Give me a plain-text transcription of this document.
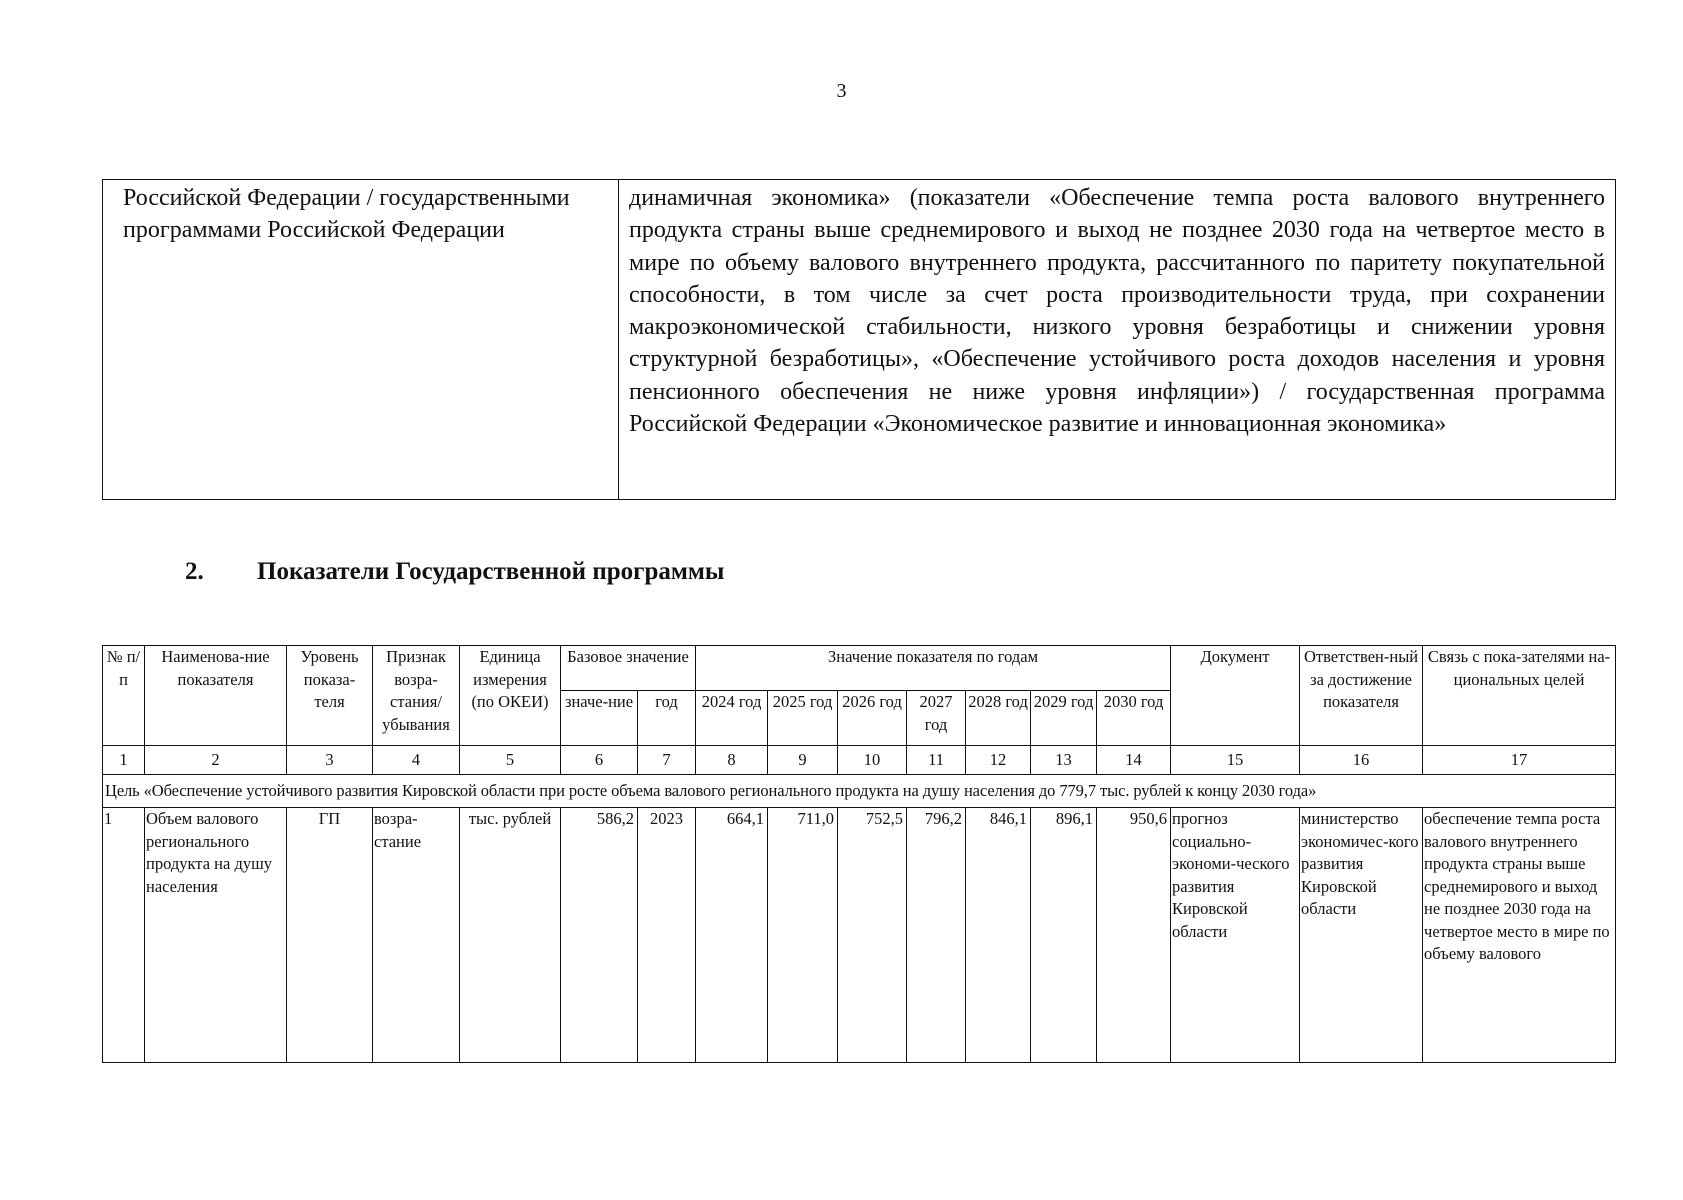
3
Российской Федерации / государственными программами Российской Федерации	динамичная экономика» (показатели «Обеспечение темпа роста валового внутреннего продукта страны выше среднемирового и выход не позднее 2030 года на четвертое место в мире по объему валового внутреннего продукта, рассчитанного по паритету покупательной способности, в том числе за счет роста производительности труда, при сохранении макроэкономической стабильности, низкого уровня безработицы и снижении уровня структурной безработицы», «Обеспечение устойчивого роста доходов населения и уровня пенсионного обеспечения не ниже уровня инфляции») / государственная программа Российской Федерации «Экономическое развитие и инновационная экономика»
2. Показатели Государственной программы
№ п/п	Наименова-ние показателя	Уровень показа-теля	Признак возра-стания/ убывания	Единица измерения (по ОКЕИ)	Базовое значение		Значение показателя по годам							Документ	Ответствен-ный за достижение показателя	Связь с пока-зателями на-циональных целей
					значе-ние	год	2024 год	2025 год	2026 год	2027 год	2028 год	2029 год	2030 год			
1	2	3	4	5	6	7	8	9	10	11	12	13	14	15	16	17
Цель «Обеспечение устойчивого развития Кировской области при росте объема валового регионального продукта на душу населения до 779,7 тыс. рублей к концу 2030 года»																
1	Объем валового регионального продукта на душу населения	ГП	возра-стание	тыс. рублей	586,2	2023	664,1	711,0	752,5	796,2	846,1	896,1	950,6	прогноз социально-экономи-ческого развития Кировской области	министерство экономичес-кого развития Кировской области	обеспечение темпа роста валового внутреннего продукта страны выше среднемирового и выход не позднее 2030 года на четвертое место в мире по объему валового
